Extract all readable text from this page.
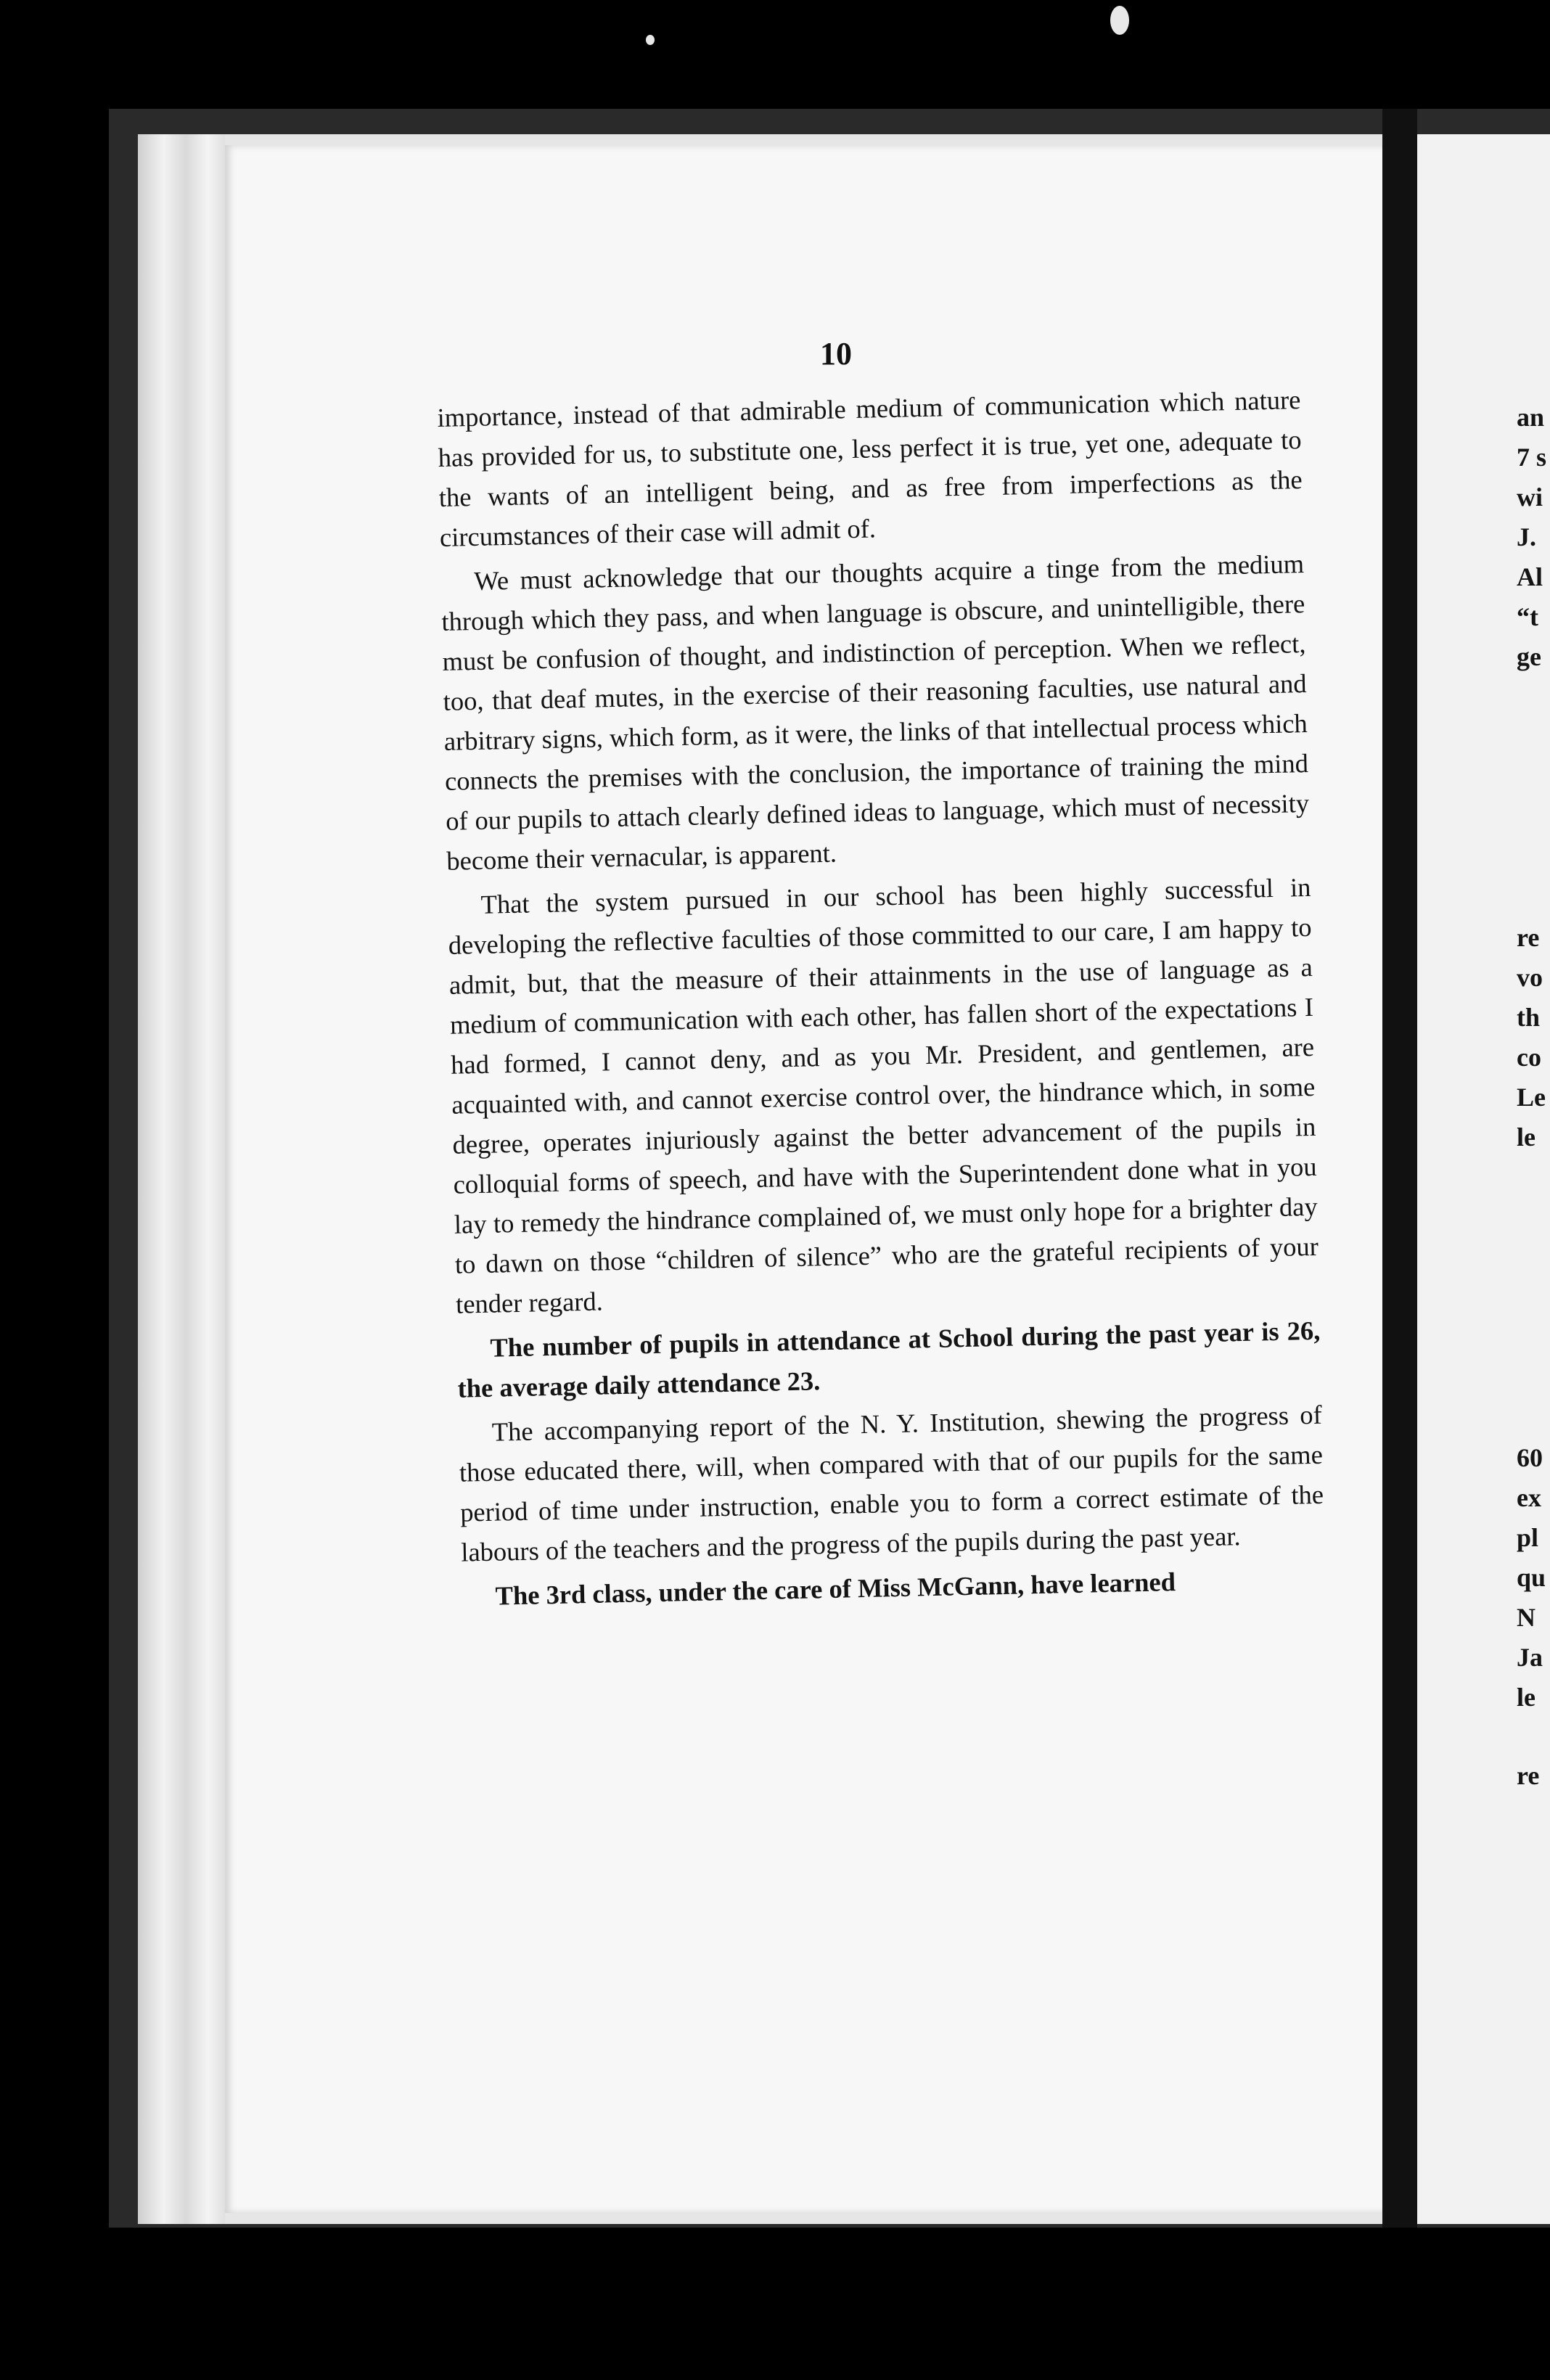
10

importance, instead of that admirable medium of communication which nature has provided for us, to substitute one, less perfect it is true, yet one, adequate to the wants of an intelligent being, and as free from imperfections as the circumstances of their case will admit of.

We must acknowledge that our thoughts acquire a tinge from the medium through which they pass, and when language is obscure, and unintelligible, there must be confusion of thought, and indistinction of perception. When we reflect, too, that deaf mutes, in the exercise of their reasoning faculties, use natural and arbitrary signs, which form, as it were, the links of that intellectual process which connects the premises with the conclusion, the importance of training the mind of our pupils to attach clearly defined ideas to language, which must of necessity become their vernacular, is apparent.

That the system pursued in our school has been highly successful in developing the reflective faculties of those committed to our care, I am happy to admit, but, that the measure of their attainments in the use of language as a medium of communication with each other, has fallen short of the expectations I had formed, I cannot deny, and as you Mr. President, and gentlemen, are acquainted with, and cannot exercise control over, the hindrance which, in some degree, operates injuriously against the better advancement of the pupils in colloquial forms of speech, and have with the Superintendent done what in you lay to remedy the hindrance complained of, we must only hope for a brighter day to dawn on those “children of silence” who are the grateful recipients of your tender regard.

The number of pupils in attendance at School during the past year is 26, the average daily attendance 23.

The accompanying report of the N. Y. Institution, shewing the progress of those educated there, will, when compared with that of our pupils for the same period of time under instruction, enable you to form a correct estimate of the labours of the teachers and the progress of the pupils during the past year.

The 3rd class, under the care of Miss McGann, have learned

an
7 s
wi
J.
Al
“t
ge
re
vo
th
co
Le
le
60
ex
pl
qu
N
Ja
le
re
